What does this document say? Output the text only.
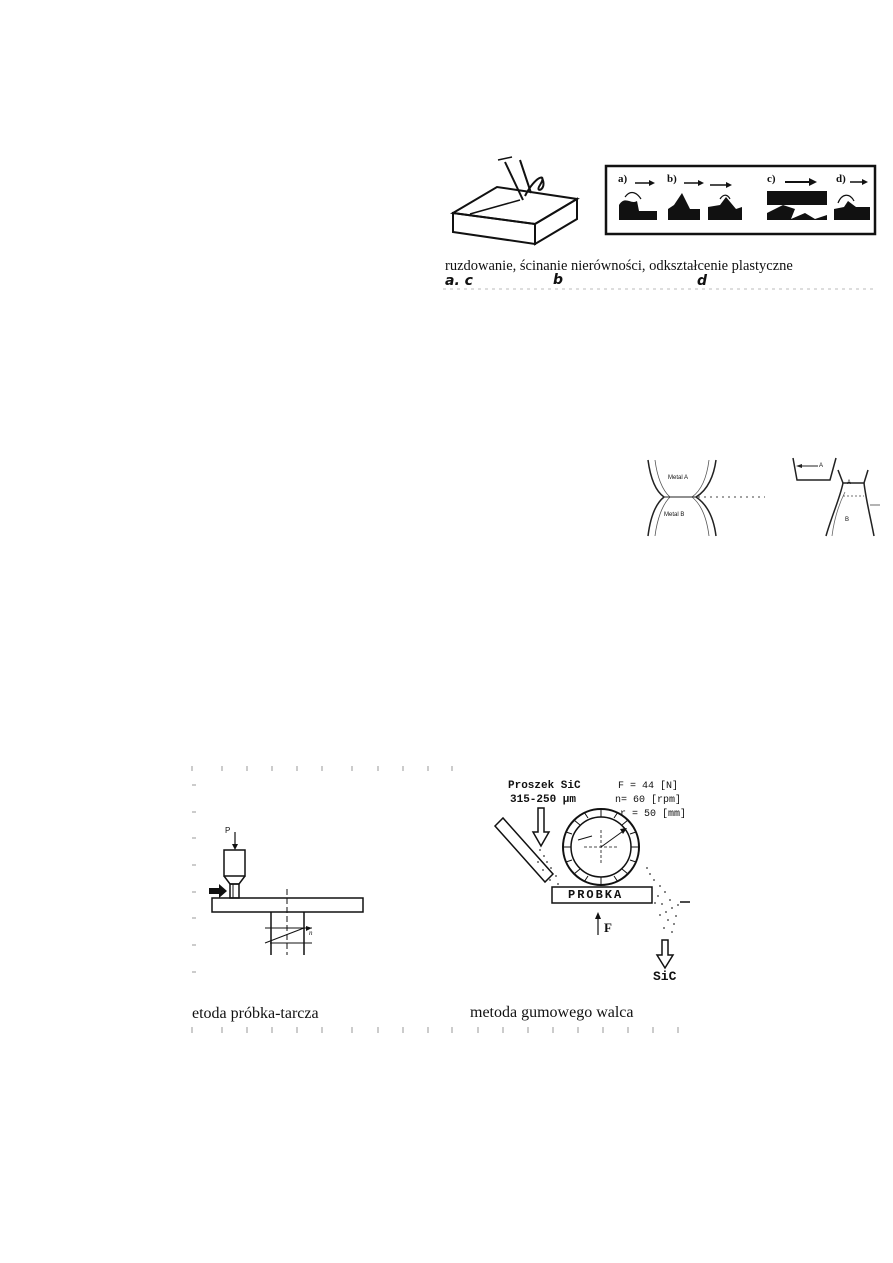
a)	b)	c)	d)
ruzdowanie, ścinanie nierówności, odkształcenie plastyczne
a. c	b	d
Metal A
Metal B
A
A
B
P
n
etoda próbka-tarcza
Proszek SiC
315-250 µm
F = 44 [N]
n= 60 [rpm]
r = 50 [mm]
PROBKA
F
SiC
metoda gumowego walca
